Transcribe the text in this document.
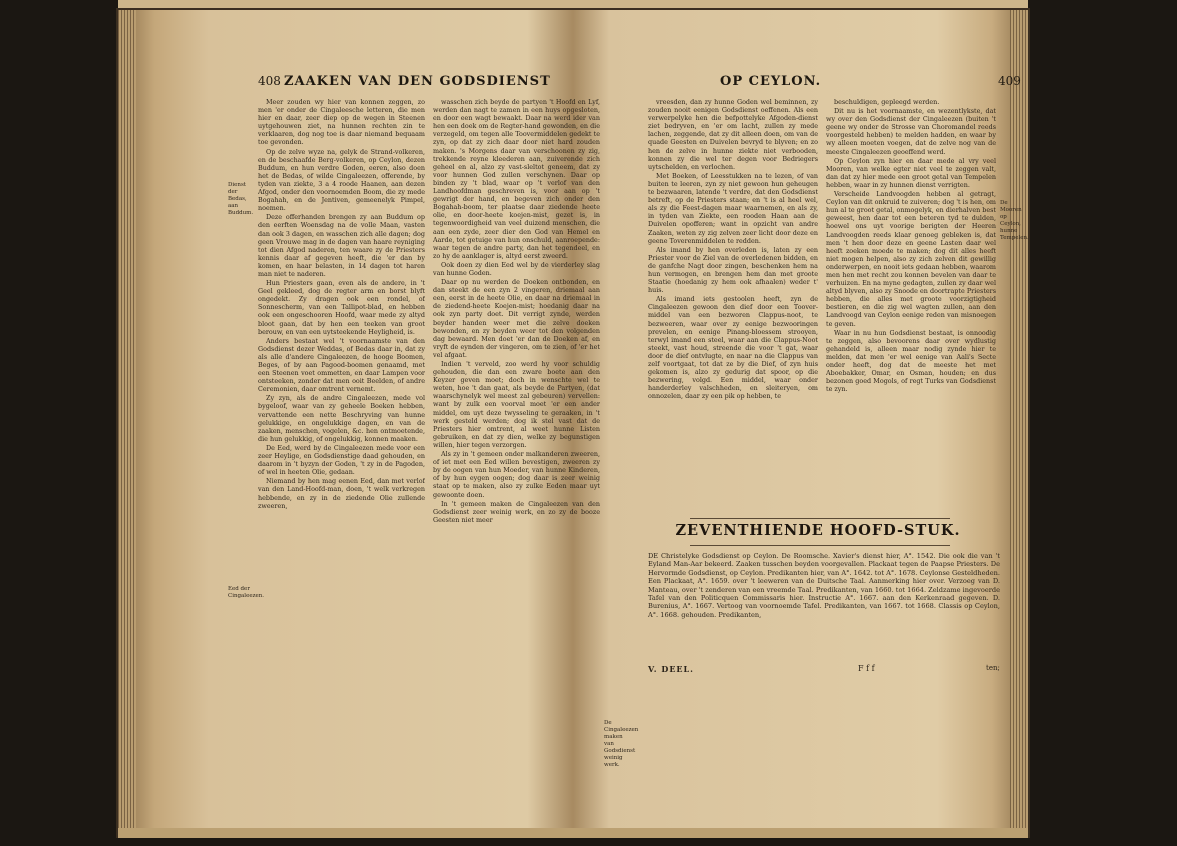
408 ZAAKEN VAN DEN GODSDIENST

Meer zouden wy hier van konnen zeggen, zo men 'er onder de Cingaleesche letteren, die men hier en daar, zeer diep op de wegen in Steenen uytgehouwen ziet, na hunnen rechten zin te verklaaren, dog nog toe is daar niemand bequaam toe gevonden.

Op de zelve wyze na, gelyk de Strand-volkeren, en de beschaafde Berg-volkeren, op Ceylon, dezen Buddum, en hun verdre Goden, eeren, also doen het de Bedas, of wilde Cingaleezen, offerende, by tyden van ziekte, 3 a 4 roode Haanen, aan dezen Afgod, onder den voornoemden Boom, die zy mede Bogahah, en de Jentiven, gemeenelyk Pimpel, noemen.

Deze offerhanden brengen zy aan Buddum op den eerften Woensdag na de volle Maan, vasten dan ook 3 dagen, en wasschen zich alle dagen; dog geen Vrouwe mag in de dagen van haare reyniging tot dien Afgod naderen, ten waare zy de Priesters kennis daar af gegeven heeft, die 'er dan by komen, en haar belasten, in 14 dagen tot haren man niet te naderen.

Hun Priesters gaan, even als de andere, in 't Geel gekleed, dog de regter arm en borst blyft ongedekt. Zy dragen ook een rondel, of Sonnescherm, van een Tallipot-blad, en hebben ook een ongeschooren Hoofd, waar mede zy altyd bloot gaan, dat by hen een teeken van groot berouw, en van een uytsteekende Heyligheid, is.

Anders bestaat wel 't voornaamste van den Godsdienst dezer Weddas, of Bedas daar in, dat zy als alle d'andere Cingaleezen, de hooge Boomen, Beges, of by aan Pagood-boomen genaamd, met een Steenen voet ommetten, en daar Lampen voor ontsteeken, zonder dat men ooit Beelden, of andre Ceremonien, daar omtrent vernemt.

Zy zyn, als de andre Cingaleezen, mede vol bygeloof, waar van zy geheele Boeken hebben, vervattende een nette Beschryving van hunne gelukkige, en ongelukkige dagen, en van de zaaken, menschen, vogelen, &c. hen ontmoetende, die hun gelukkig, of ongelukkig, konnen maaken.

De Eed, werd by de Cingaleezen mede voor een zeer Heylige, en Godsdienstige daad gehouden, en daarom in 't byzyn der Goden, 't zy in de Pagoden, of wel in heeten Olie, gedaan.

Niemand by hen mag eenen Eed, dan met verlof van den Land-Hoofd-man, doen, 't welk verkregen hebbende, en zy in de ziedende Olie zullende zweeren,

wasschen zich beyde de partyen 't Hoofd en Lyf, werden dan nagt te zamen in een huys opgesloten, en door een wagt bewaakt. Daar na werd ider van hen een doek om de Regter-hand gewonden, en die verzegeld, om tegen alle Toovermiddelen gedekt te zyn, op dat zy zich daar door niet hard zouden maken. 's Morgens daar van verschoonen zy zig, trekkende reyne kleederen aan, zuiverende zich geheel en al, alzo zy vast-sleltot geneem, dat zy voor hunnen God zullen verschynen. Daar op binden zy 't blad, waar op 't verlof van den Landhoofdman geschreven is, voor aan op 't gewrigt der hand, en begeven zich onder den Bogahah-boom, ter plaatse daar ziedende heete olie, en door-heete koejen-mist, gezet is, in tegenwoordigheid van veel duizend menschen, die aan een zyde, zeer dier den God van Hemel en Aarde, tot getuige van hun onschuld, aanroepende: waar tegen de andre party, dan het tegendeel, en zo hy de aanklager is, altyd eerst zweerd.

Ook doen zy dien Eed wel by de vierderley slag van hunne Goden.

Daar op nu werden de Doeken ontbonden, en dan steekt de een zyn 2 vingeren, driemaal aan een, eerst in de heete Olie, en daar na driemaal in de ziedend-heete Koejen-mist; hoedanig daar na ook zyn party doet. Dit verrigt zynde, werden beyder handen weer met die zelve doeken bewonden, en zy beyden weer tot den volgenden dag bewaard. Men doet 'er dan de Doeken af, en vryft de eynden der vingeren, om te zien, of 'er het vel afgaat.

Indien 't verveld, zoo werd hy voor schuldig gehouden, die dan een zware boete aan den Keyzer geven moet; doch in wenschte wel te weten, hoe 't dan gaat, als beyde de Partyen, (dat waarschynelyk wel meest zal gebeuren) vervellen: want by zulk een voorval moet 'er een ander middel, om uyt deze twysseling te geraaken, in 't werk gesteld werden; dog ik stel vast dat de Priesters hier omtrent, al weet hunne Listen gebruiken, en dat zy dien, welke zy begunstigen willen, hier tegen verzorgen.

Als zy in 't gemeen onder malkanderen zweeren, of iet met een Eed willen bevestigen, zweeren zy by de oogen van hun Moeder, van hunne Kinderen, of by hun eygen oogen; dog daar is zeer weinig staat op te maken, also zy zulke Eeden maar uyt gewoonte doen.

In 't gemeen maken de Cingaleezen van den Godsdienst zeer weinig werk, en zo zy de booze Geesten niet meer

Dienst der Bedas, aan Buddum.
Eed der Cingaleezen.
De Cingaleezen maken van Godsdienst weinig werk.
OP CEYLON.	409

vreesden, dan zy hunne Goden wel beminnen, zy zouden nooit eenigen Godsdienst oeffenen. Als een verwerpelyke hen die befpottelyke Afgoden-dienst ziet bedryven, en 'er om lacht, zullen zy mede lachen, zeggende, dat zy dit alleen doen, om van de quade Geesten en Duivelen bevryd te blyven; en zo hen de zelve in hunne ziekte niet verbooden, konnen zy die wel ter degen voor Bedriegers uytschelden, en verlochen.

Met Boeken, of Leesstukken na te lezen, of van buiten te leeren, zyn zy niet gewoon hun geheugen te bezwaaren, latende 't verdre, dat den Godsdienst betreft, op de Priesters staan; en 't is al heel wel, als zy die Feest-dagen maar waarnemen, en als zy, in tyden van Ziekte, een rooden Haan aan de Duivelen opofferen; want in opzicht van andre Zaaken, weten zy zig zelven zeer licht door deze en geene Toverenmiddelen te redden.

Als imand by hen overleden is, laten zy een Priester voor de Ziel van de overledenen bidden, en de ganfche Nagt door zingen, beschenken hem na hun vermogen, en brengen hem dan met groote Staatie (hoedanig zy hem ook afhaalen) weder t' huis.

Als imand iets gestoolen heeft, zyn de Cingaleezen gewoon den dief door een Toover-middel van een bezworen Clappus-noot, te bezweeren, waar over zy eenige bezwooringen prevelen, en eenige Pinang-bloessem strooyen, terwyl imand een steel, waar aan die Clappus-Noot steekt, vast houd, streende die voor 't gat, waar door de dief ontvlugte, en naar na die Clappus van zelf voortgaat, tot dat ze by die Dief, of zyn huis gekomen is, alzo zy gedurig dat spoor, op die bezwering, volgd. Een middel, waar onder handerderley valschheden, en sleiteryen, om onnozelen, daar zy een pik op hebben, te

beschuldigen, gepleegd werden.

Dit nu is het voornaamste, en wezentlykste, dat wy over den Godsdienst der Cingaleezen (buiten 't geene wy onder de Strosse van Choromandel reeds voorgesteld hebben) te melden hadden, en waar by wy alleen moeten voegen, dat de zelve nog van de meeste Cingaleezen geoeffend werd.

Op Ceylon zyn hier en daar mede al vry veel Mooren, van welke egter niet veel te zeggen valt, dan dat zy hier mede een groot getal van Tempelen hebben, waar in zy hunnen dienst verrigten.

Verscheide Landvoogden hebben al getragt, Ceylon van dit onkruid te zuiveren; dog 't is hen, om hun al te groot getal, onmogelyk, en dierhalven best geweest, hen daar tot een beteren tyd te dulden, hoewel ons uyt voorige berigten der Heeren Landvoogden reeds klaar genoeg gebleken is, dat men 't hen door deze en geene Lasten daar wel heeft zoeken moede te maken; dog dit alles heeft niet mogen helpen, also zy zich zelven dit gewillig onderwerpen, en nooit iets gedaan hebben, waarom men hen met recht zou konnen bevelen van daar te verhuizen. En na myne gedagten, zullen zy daar wel altyd blyven, also zy Snoode en doortrapte Priesters hebben, die alles met groote voorzigtigheid bestieren, en die zig wel wagten zullen, aan den Landvoogd van Ceylon eenige reden van misnoegen te geven.

Waar in nu hun Godsdienst bestaat, is onnoodig te zeggen, also bevoorens daar over wydlustig gehandeld is, alleen maar nodig zynde hier te melden, dat men 'er wel eenige van Aali's Secte onder heeft, dog dat de meeste het met Aboebakker, Omar, en Osman, houden; en dus bezonen goed Mogols, of regt Turks van Godsdienst te zyn.

De Mooren op Ceylon, hunne Tempelen.
ZEVENTHIENDE HOOFD-STUK.
DE Christelyke Godsdienst op Ceylon. De Roomsche. Xavier's dienst hier, A°. 1542. Die ook die van 't Eyland Man-Aar bekeerd. Zaaken tusschen beyden voorgevallen. Plackaat tegen de Paapse Priesters. De Hervormde Godsdienst, op Ceylon. Predikanten hier, van A°. 1642. tot A°. 1678. Ceylonse Gesteldheden. Een Plackaat, A°. 1659. over 't leeweren van de Duitsche Taal. Aanmerking hier over. Verzoeg van D. Manteau, over 't zenderen van een vreemde Taal. Predikanten, van 1660. tot 1664. Zeldzame ingevoerde Tafel van den Politicquen Commissaris hier. Instructie A°. 1667. aan den Kerkenraad gegeven. D. Burenius, A°. 1667. Vertoog van voornoemde Tafel. Predikanten, van 1667. tot 1668. Classis op Ceylon, A°. 1668. gehouden. Predikanten,
V. DEEL.	F f f	ten;
